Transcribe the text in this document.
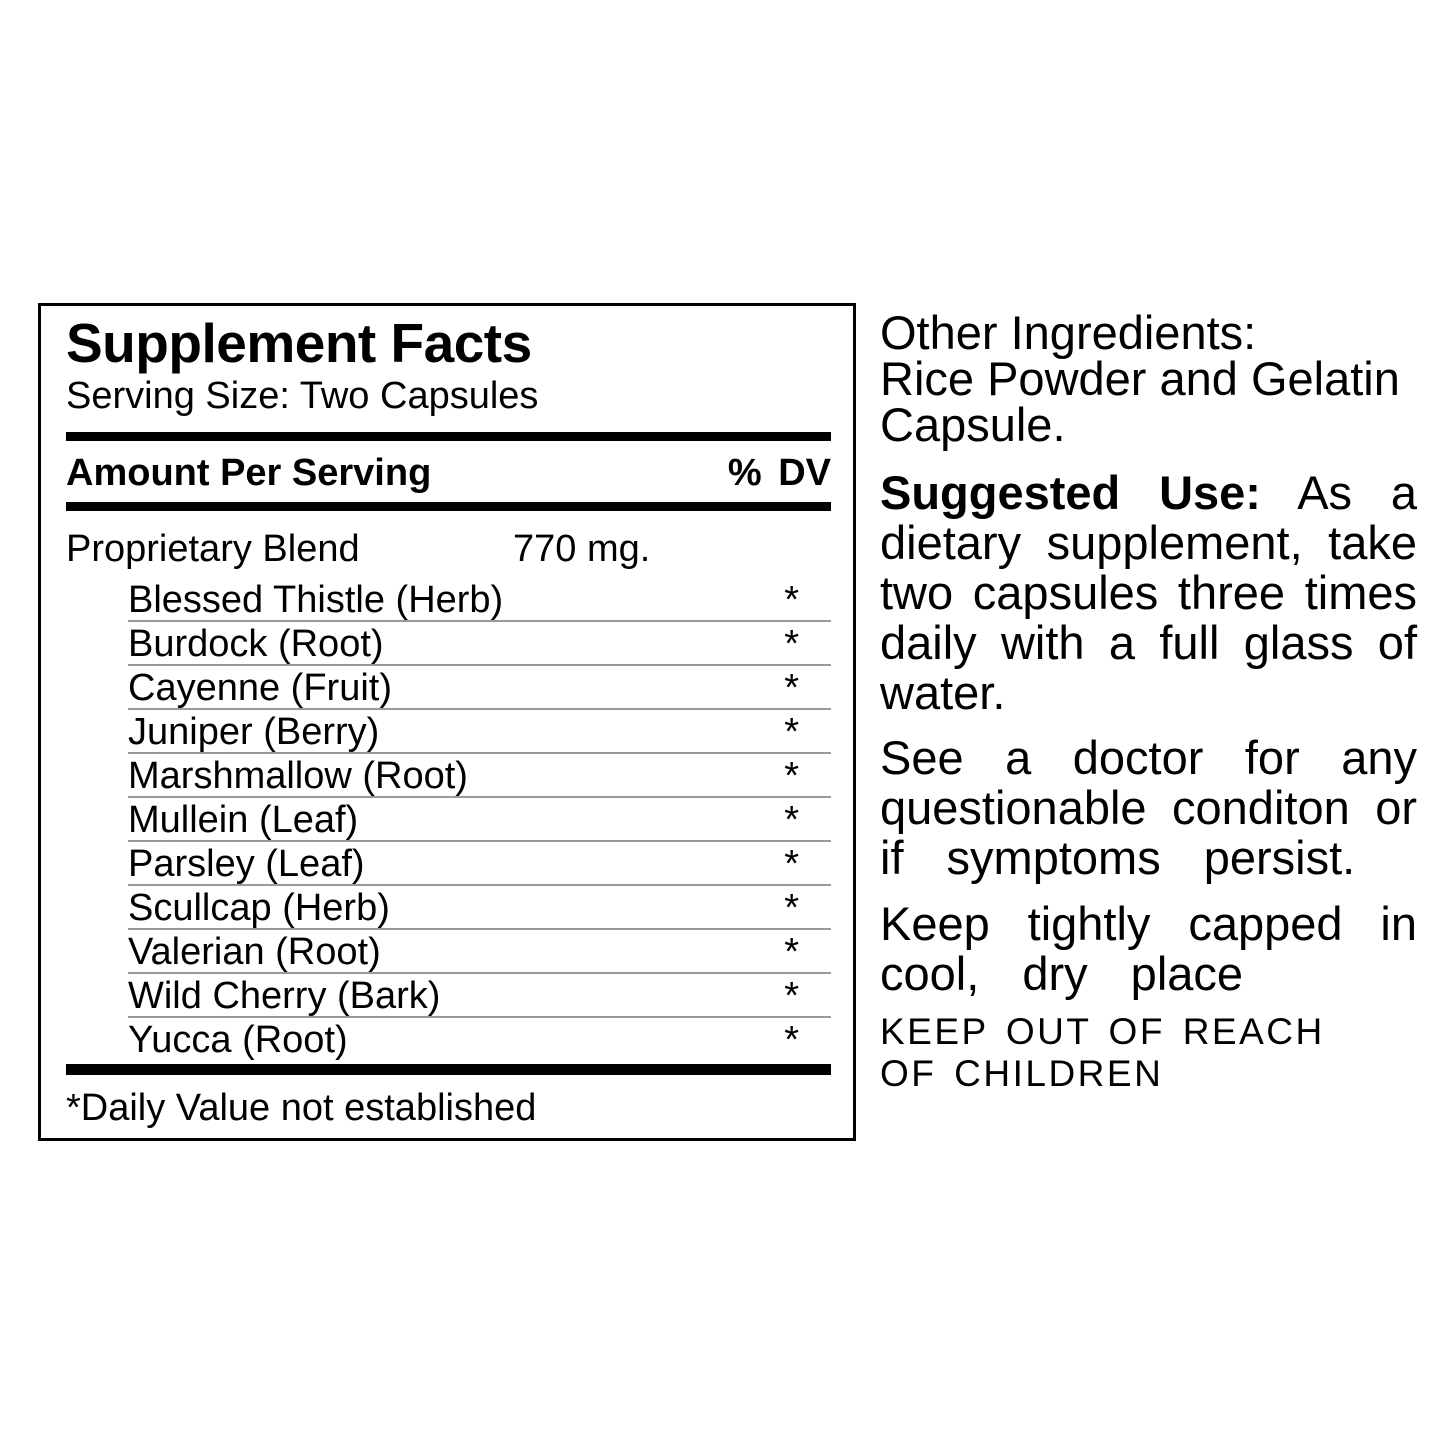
Supplement Facts
Serving Size: Two Capsules
Amount Per Serving	% DV
Proprietary Blend	770 mg.
Blessed Thistle (Herb)	*
Burdock (Root)	*
Cayenne (Fruit)	*
Juniper (Berry)	*
Marshmallow (Root)	*
Mullein (Leaf)	*
Parsley (Leaf)	*
Scullcap (Herb)	*
Valerian (Root)	*
Wild Cherry (Bark)	*
Yucca (Root)	*
*Daily Value not established
Other Ingredients:
Rice Powder and Gelatin
Capsule.
Suggested Use: As a
dietary supplement, take
two capsules three times
daily with a full glass of
water.
See a doctor for any
questionable conditon or
if symptoms persist.
Keep tightly capped in
cool, dry place
KEEP OUT OF REACH
OF CHILDREN
